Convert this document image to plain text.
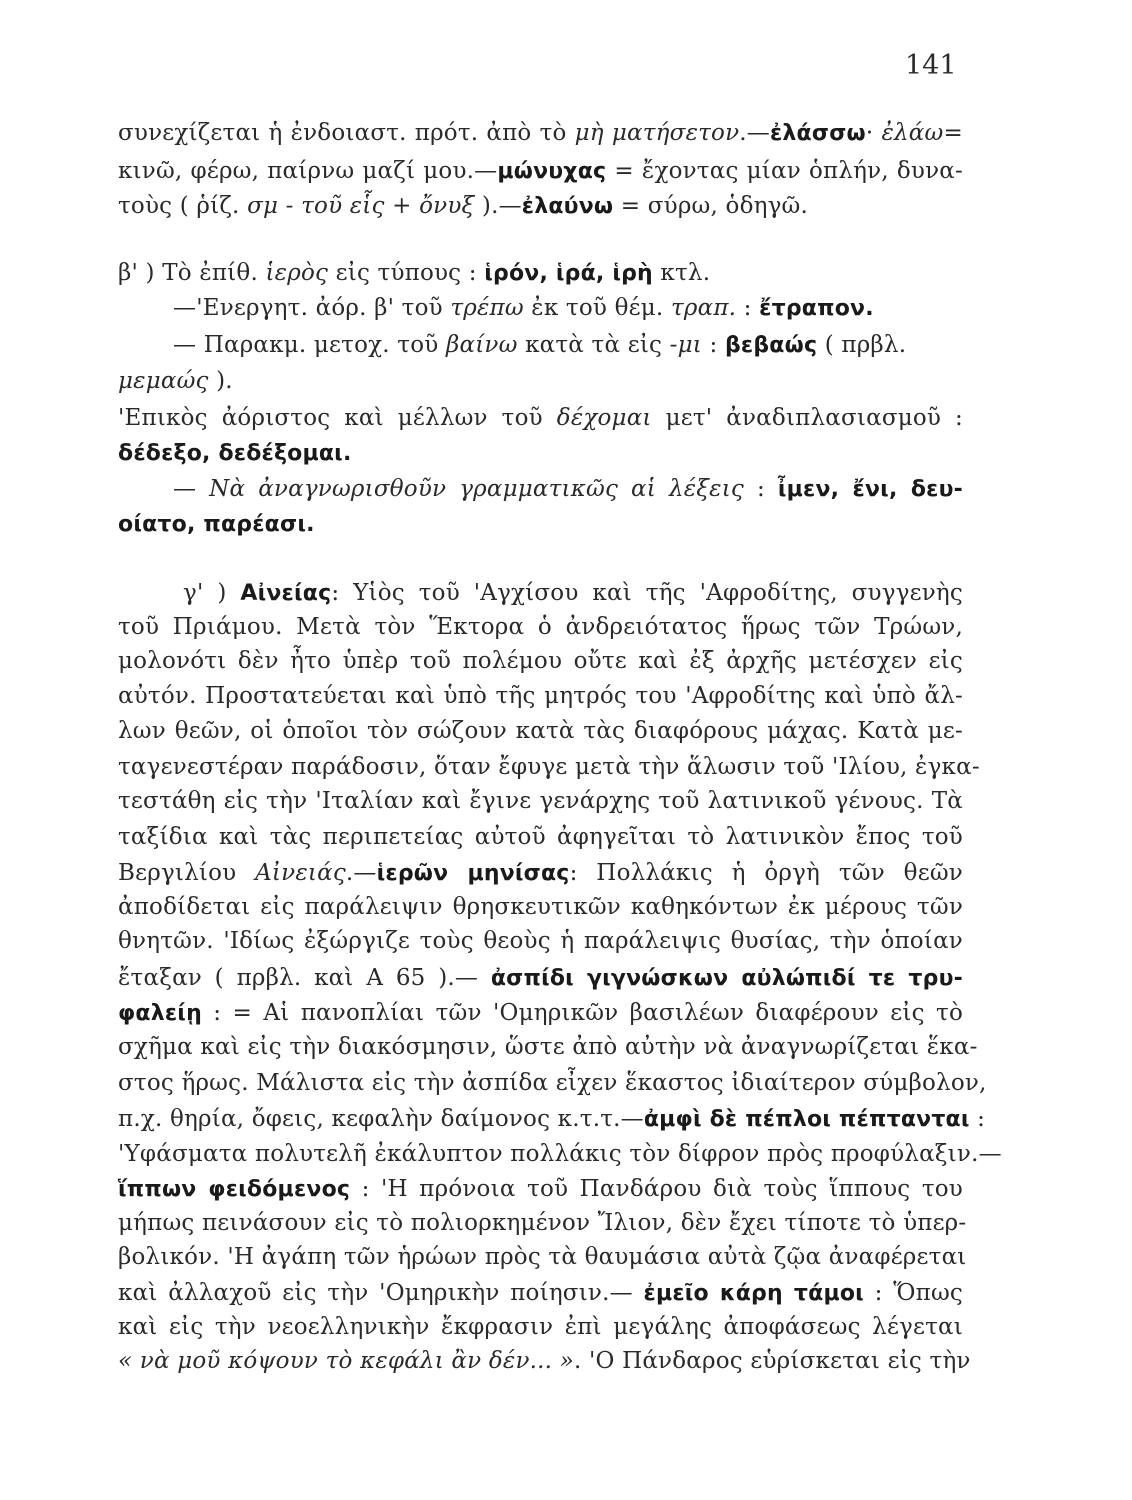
141
συνεχίζεται ἡ ἐνδοιαστ. πρότ. ἀπὸ τὸ μὴ ματήσετον.—ἐλάσσω· ἐλάω=
κινῶ, φέρω, παίρνω μαζί μου.—μώνυχας = ἔχοντας μίαν ὁπλήν, δυνα-
τοὺς ( ῥίζ. σμ - τοῦ εἷς + ὄνυξ ).—ἐλαύνω = σύρω, ὁδηγῶ.
β' ) Τὸ ἐπίθ. ἱερὸς εἰς τύπους : ἱρόν, ἱρά, ἱρὴ κτλ.
—'Ενεργητ. ἀόρ. β' τοῦ τρέπω ἐκ τοῦ θέμ. τραπ. : ἔτραπον.
— Παρακμ. μετοχ. τοῦ βαίνω κατὰ τὰ εἰς -μι : βεβαώς ( πρβλ.
μεμαώς ).
'Επικὸς ἀόριστος καὶ μέλλων τοῦ δέχομαι μετ' ἀναδιπλασιασμοῦ :
δέδεξο, δεδέξομαι.
— Νὰ ἀναγνωρισθοῦν γραμματικῶς αἱ λέξεις : ἶμεν, ἔνι, δευ-
οίατο, παρέασι.
γ' ) Αἰνείας: Υἱὸς τοῦ 'Αγχίσου καὶ τῆς 'Αφροδίτης, συγγενὴς
τοῦ Πριάμου. Μετὰ τὸν Ἕκτορα ὁ ἀνδρειότατος ἥρως τῶν Τρώων,
μολονότι δὲν ἦτο ὑπὲρ τοῦ πολέμου οὔτε καὶ ἐξ ἀρχῆς μετέσχεν εἰς
αὐτόν. Προστατεύεται καὶ ὑπὸ τῆς μητρός του 'Αφροδίτης καὶ ὑπὸ ἄλ-
λων θεῶν, οἱ ὁποῖοι τὸν σώζουν κατὰ τὰς διαφόρους μάχας. Κατὰ με-
ταγενεστέραν παράδοσιν, ὅταν ἔφυγε μετὰ τὴν ἅλωσιν τοῦ 'Ιλίου, ἐγκα-
τεστάθη εἰς τὴν 'Ιταλίαν καὶ ἔγινε γενάρχης τοῦ λατινικοῦ γένους. Τὰ
ταξίδια καὶ τὰς περιπετείας αὐτοῦ ἀφηγεῖται τὸ λατινικὸν ἔπος τοῦ
Βεργιλίου Αἰνειάς.—ἱερῶν μηνίσας: Πολλάκις ἡ ὀργὴ τῶν θεῶν
ἀποδίδεται εἰς παράλειψιν θρησκευτικῶν καθηκόντων ἐκ μέρους τῶν
θνητῶν. 'Ιδίως ἐξώργιζε τοὺς θεοὺς ἡ παράλειψις θυσίας, τὴν ὁποίαν
ἔταξαν ( πρβλ. καὶ Α 65 ).— ἀσπίδι γιγνώσκων αὐλώπιδί τε τρυ-
φαλείῃ : = Αἱ πανοπλίαι τῶν 'Ομηρικῶν βασιλέων διαφέρουν εἰς τὸ
σχῆμα καὶ εἰς τὴν διακόσμησιν, ὥστε ἀπὸ αὐτὴν νὰ ἀναγνωρίζεται ἕκα-
στος ἥρως. Μάλιστα εἰς τὴν ἀσπίδα εἶχεν ἕκαστος ἰδιαίτερον σύμβολον,
π.χ. θηρία, ὄφεις, κεφαλὴν δαίμονος κ.τ.τ.—ἀμφὶ δὲ πέπλοι πέπτανται :
'Υφάσματα πολυτελῆ ἐκάλυπτον πολλάκις τὸν δίφρον πρὸς προφύλαξιν.—
ἵππων φειδόμενος : 'Η πρόνοια τοῦ Πανδάρου διὰ τοὺς ἵππους του
μήπως πεινάσουν εἰς τὸ πολιορκημένον Ἴλιον, δὲν ἔχει τίποτε τὸ ὑπερ-
βολικόν. 'Η ἀγάπη τῶν ἡρώων πρὸς τὰ θαυμάσια αὐτὰ ζῷα ἀναφέρεται
καὶ ἀλλαχοῦ εἰς τὴν 'Ομηρικὴν ποίησιν.— ἐμεῖο κάρη τάμοι : Ὅπως
καὶ εἰς τὴν νεοελληνικὴν ἔκφρασιν ἐπὶ μεγάλης ἀποφάσεως λέγεται
« νὰ μοῦ κόψουν τὸ κεφάλι ἂν δέν... ». 'Ο Πάνδαρος εὑρίσκεται εἰς τὴν
